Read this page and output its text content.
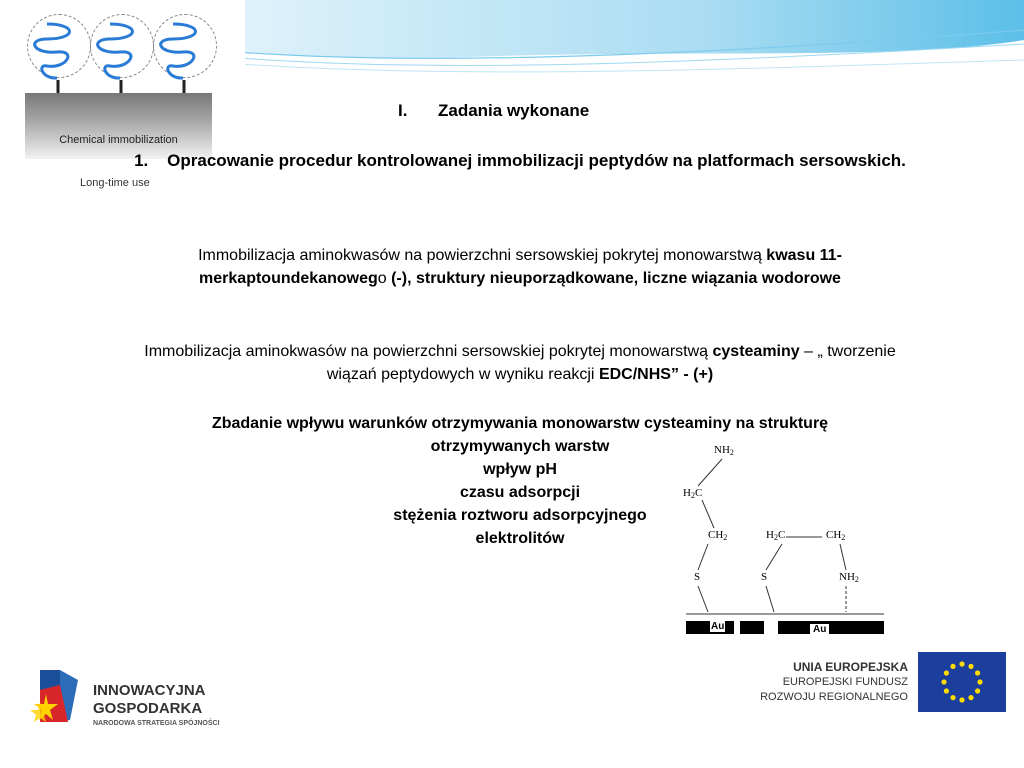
Chemical immobilization
Long-time use
I. Zadania wykonane
1. Opracowanie procedur kontrolowanej immobilizacji peptydów na platformach sersowskich.
Immobilizacja aminokwasów na powierzchni sersowskiej pokrytej monowarstwą kwasu 11-merkaptoundekanowego (-), struktury nieuporządkowane, liczne wiązania wodorowe
Immobilizacja aminokwasów na powierzchni sersowskiej pokrytej monowarstwą cysteaminy – „ tworzenie wiązań peptydowych w wyniku reakcji EDC/NHS” - (+)
Zbadanie wpływu warunków otrzymywania monowarstw cysteaminy na strukturę
otrzymywanych warstw
wpływ pH
czasu adsorpcji
stężenia roztworu adsorpcyjnego
elektrolitów
$NH_2$
$H_2C$
$CH_2$	$H_2C$	$CH_2$
S	S	$NH_2$
Au	Au
INNOWACYJNA
GOSPODARKA
NARODOWA STRATEGIA SPÓJNOŚCI
UNIA EUROPEJSKA
EUROPEJSKI FUNDUSZ
ROZWOJU REGIONALNEGO
